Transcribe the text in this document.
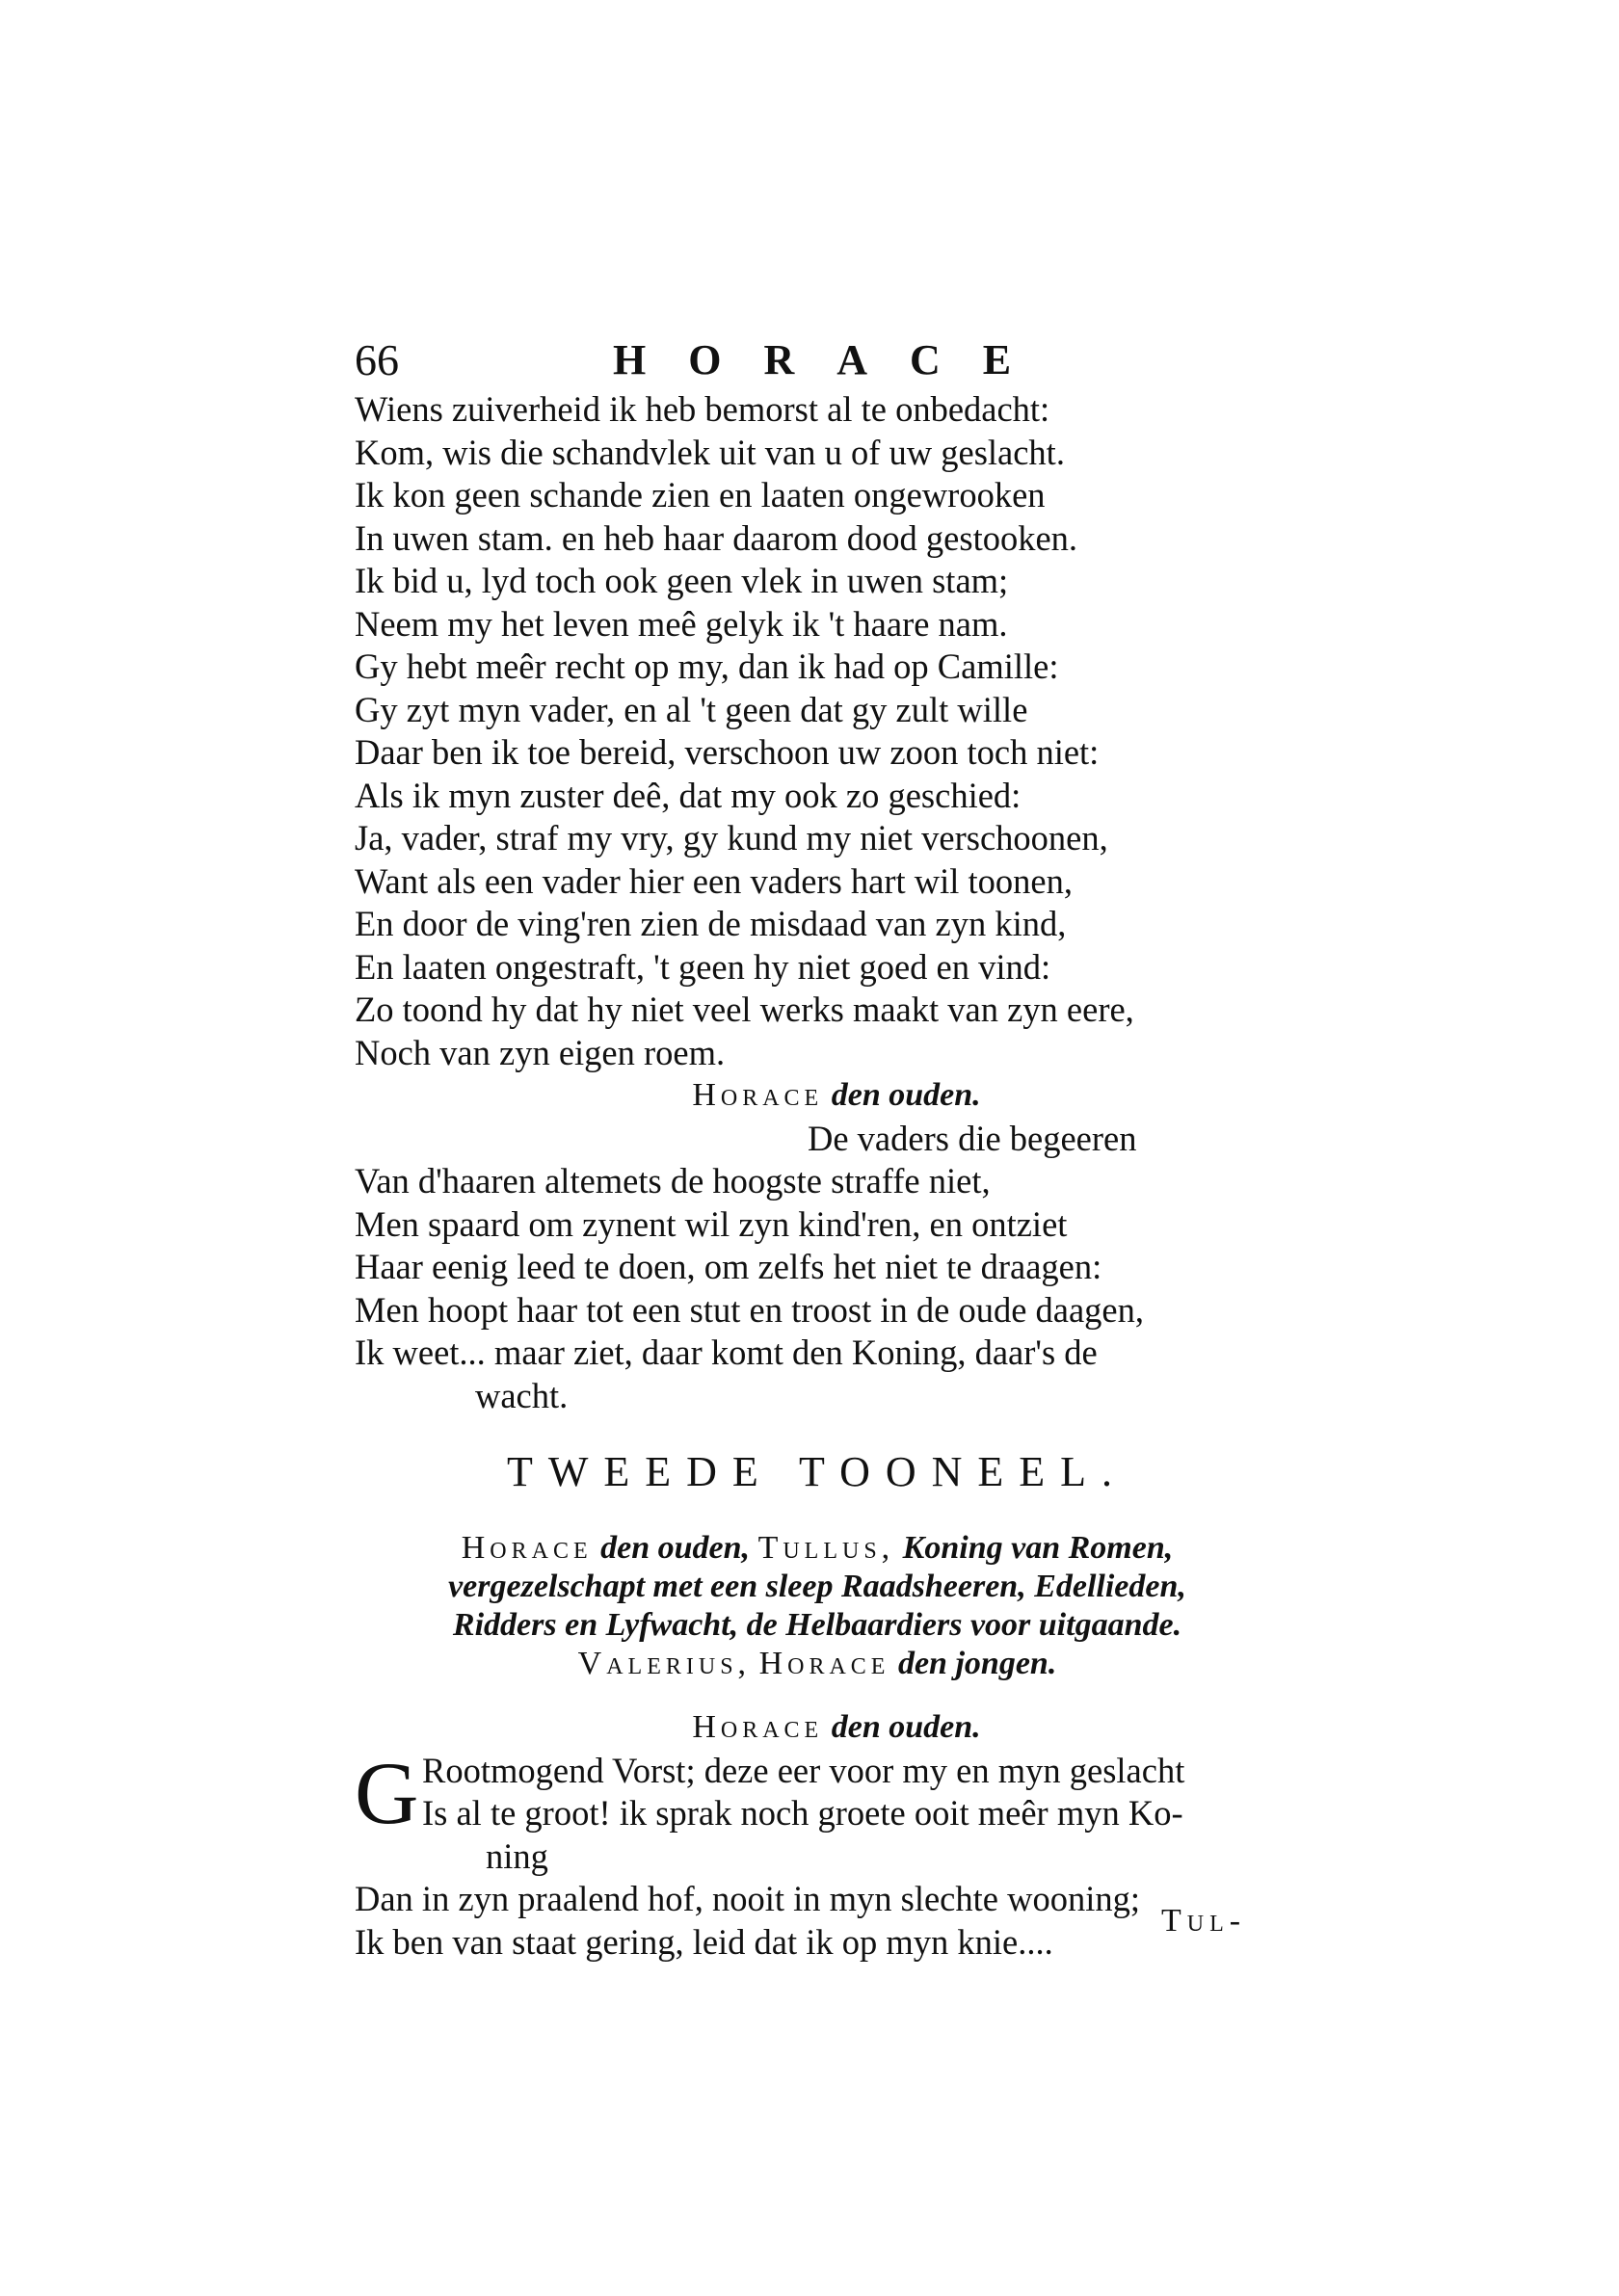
66	HORACE
Wiens zuiverheid ik heb bemorst al te onbedacht:
Kom, wis die schandvlek uit van u of uw geslacht.
Ik kon geen schande zien en laaten ongewrooken
In uwen stam. en heb haar daarom dood gestooken.
Ik bid u, lyd toch ook geen vlek in uwen stam;
Neem my het leven meê gelyk ik 't haare nam.
Gy hebt meêr recht op my, dan ik had op Camille:
Gy zyt myn vader, en al 't geen dat gy zult wille
Daar ben ik toe bereid, verschoon uw zoon toch niet:
Als ik myn zuster deê, dat my ook zo geschied:
Ja, vader, straf my vry, gy kund my niet verschoonen,
Want als een vader hier een vaders hart wil toonen,
En door de ving'ren zien de misdaad van zyn kind,
En laaten ongestraft, 't geen hy niet goed en vind:
Zo toond hy dat hy niet veel werks maakt van zyn eere,
Noch van zyn eigen roem.
Horace den ouden.
De vaders die begeeren
Van d'haaren altemets de hoogste straffe niet,
Men spaard om zynent wil zyn kind'ren, en ontziet
Haar eenig leed te doen, om zelfs het niet te draagen:
Men hoopt haar tot een stut en troost in de oude daagen,
Ik weet... maar ziet, daar komt den Koning, daar's de
wacht.
TWEEDE TOONEEL.
Horace den ouden, Tullus, Koning van Romen,
vergezelschapt met een sleep Raadsheeren, Edellieden,
Ridders en Lyfwacht, de Helbaardiers voor uitgaande.
Valerius, Horace den jongen.
Horace den ouden.
G Rootmogend Vorst; deze eer voor my en myn geslacht
Is al te groot! ik sprak noch groete ooit meêr myn Ko-
ning
Dan in zyn praalend hof, nooit in myn slechte wooning;
Ik ben van staat gering, leid dat ik op myn knie....
Tul-
